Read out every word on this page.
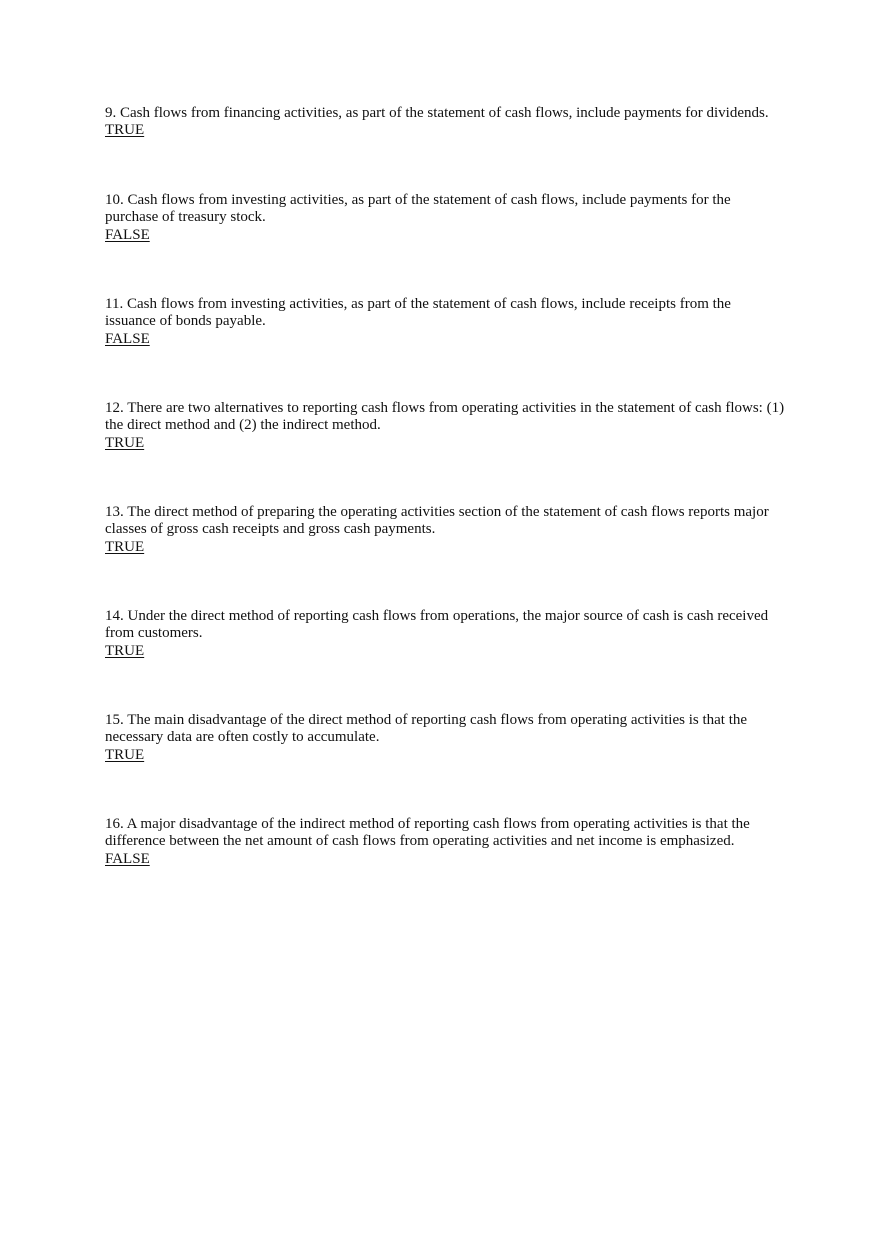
9. Cash flows from financing activities, as part of the statement of cash flows, include payments for dividends.
TRUE
10. Cash flows from investing activities, as part of the statement of cash flows, include payments for the purchase of treasury stock.
FALSE
11. Cash flows from investing activities, as part of the statement of cash flows, include receipts from the issuance of bonds payable.
FALSE
12. There are two alternatives to reporting cash flows from operating activities in the statement of cash flows: (1) the direct method and (2) the indirect method.
TRUE
13. The direct method of preparing the operating activities section of the statement of cash flows reports major classes of gross cash receipts and gross cash payments.
TRUE
14. Under the direct method of reporting cash flows from operations, the major source of cash is cash received from customers.
TRUE
15. The main disadvantage of the direct method of reporting cash flows from operating activities is that the necessary data are often costly to accumulate.
TRUE
16. A major disadvantage of the indirect method of reporting cash flows from operating activities is that the difference between the net amount of cash flows from operating activities and net income is emphasized.
FALSE
